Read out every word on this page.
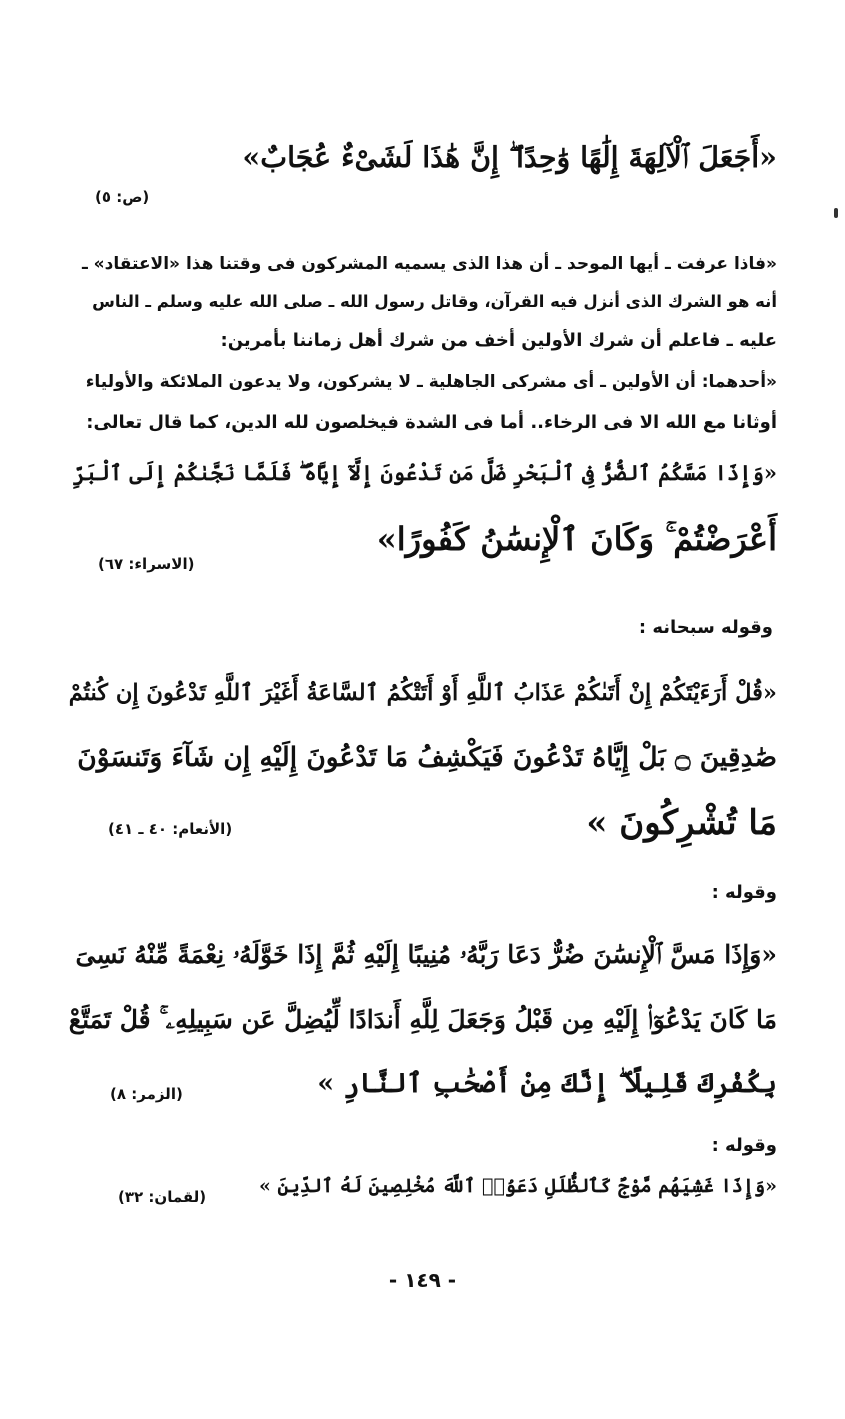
«أَجَعَلَ ٱلْآلِهَةَ إِلَٰهًا وَٰحِدًا ۖ إِنَّ هَٰذَا لَشَىْءٌ عُجَابٌ»
(ص: ٥)
«فاذا عرفت ـ أيها الموحد ـ أن هذا الذى يسميه المشركون فى وقتنا هذا «الاعتقاد» ـ
أنه هو الشرك الذى أنزل فيه القرآن، وقاتل رسول الله ـ صلى الله عليه وسلم ـ الناس
عليه ـ فاعلم أن شرك الأولين أخف من شرك أهل زماننا بأمرين:
«أحدهما: أن الأولين ـ أى مشركى الجاهلية ـ لا يشركون، ولا يدعون الملائكة والأولياء
أوثانا مع الله الا فى الرخاء.. أما فى الشدة فيخلصون لله الدين، كما قال تعالى:
«وَإِذَا مَسَّكُمُ ٱلضُّرُّ فِى ٱلْبَحْرِ ضَلَّ مَن تَدْعُونَ إِلَّآ إِيَّاهُ ۖ فَلَمَّا نَجَّىٰكُمْ إِلَى ٱلْبَرِّ
أَعْرَضْتُمْ ۚ وَكَانَ ٱلْإِنسَٰنُ كَفُورًا»
(الاسراء: ٦٧)
وقوله سبحانه :
«قُلْ أَرَءَيْتَكُمْ إِنْ أَتَىٰكُمْ عَذَابُ ٱللَّهِ أَوْ أَتَتْكُمُ ٱلسَّاعَةُ أَغَيْرَ ٱللَّهِ تَدْعُونَ إِن كُنتُمْ
صَٰدِقِينَ ۝ بَلْ إِيَّاهُ تَدْعُونَ فَيَكْشِفُ مَا تَدْعُونَ إِلَيْهِ إِن شَآءَ وَتَنسَوْنَ
مَا تُشْرِكُونَ »
(الأنعام: ٤٠ ـ ٤١)
وقوله :
«وَإِذَا مَسَّ ٱلْإِنسَٰنَ ضُرٌّ دَعَا رَبَّهُۥ مُنِيبًا إِلَيْهِ ثُمَّ إِذَا خَوَّلَهُۥ نِعْمَةً مِّنْهُ نَسِىَ
مَا كَانَ يَدْعُوٓا۟ إِلَيْهِ مِن قَبْلُ وَجَعَلَ لِلَّهِ أَندَادًا لِّيُضِلَّ عَن سَبِيلِهِۦ ۚ قُلْ تَمَتَّعْ
بِكُفْرِكَ قَلِيلًا ۖ إِنَّكَ مِنْ أَصْحَٰبِ ٱلنَّارِ »
(الزمر: ٨)
وقوله :
«وَإِذَا غَشِيَهُم مَّوْجٌ كَٱلظُّلَلِ دَعَوُا۟ ٱللَّهَ مُخْلِصِينَ لَهُ ٱلدِّينَ »
(لقمان: ٣٢)
- ١٤٩ -
